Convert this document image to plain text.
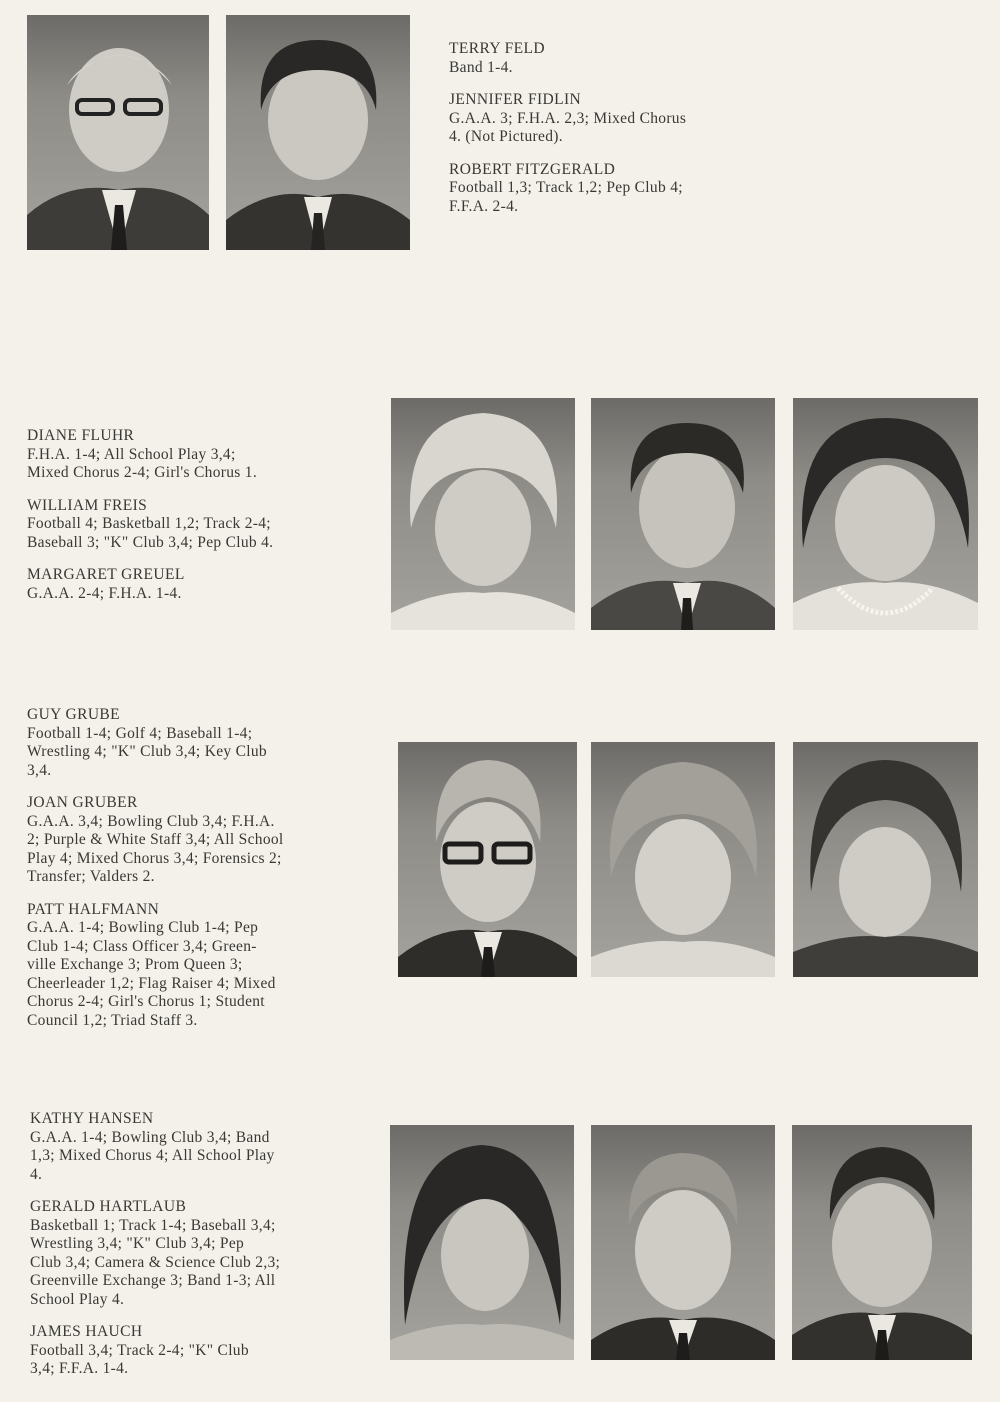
TERRY FELD
Band 1-4.
JENNIFER FIDLIN
G.A.A. 3; F.H.A. 2,3; Mixed Chorus
4. (Not Pictured).
ROBERT FITZGERALD
Football 1,3; Track 1,2; Pep Club 4;
F.F.A. 2-4.
DIANE FLUHR
F.H.A. 1-4; All School Play 3,4;
Mixed Chorus 2-4; Girl's Chorus 1.
WILLIAM FREIS
Football 4; Basketball 1,2; Track 2-4;
Baseball 3; "K" Club 3,4; Pep Club 4.
MARGARET GREUEL
G.A.A. 2-4; F.H.A. 1-4.
GUY GRUBE
Football 1-4; Golf 4; Baseball 1-4;
Wrestling 4; "K" Club 3,4; Key Club
3,4.
JOAN GRUBER
G.A.A. 3,4; Bowling Club 3,4; F.H.A.
2; Purple & White Staff 3,4; All School
Play 4; Mixed Chorus 3,4; Forensics 2;
Transfer; Valders 2.
PATT HALFMANN
G.A.A. 1-4; Bowling Club 1-4; Pep
Club 1-4; Class Officer 3,4; Green-
ville Exchange 3; Prom Queen 3;
Cheerleader 1,2; Flag Raiser 4; Mixed
Chorus 2-4; Girl's Chorus 1; Student
Council 1,2; Triad Staff 3.
KATHY HANSEN
G.A.A. 1-4; Bowling Club 3,4; Band
1,3; Mixed Chorus 4; All School Play
4.
GERALD HARTLAUB
Basketball 1; Track 1-4; Baseball 3,4;
Wrestling 3,4; "K" Club 3,4; Pep
Club 3,4; Camera & Science Club 2,3;
Greenville Exchange 3; Band 1-3; All
School Play 4.
JAMES HAUCH
Football 3,4; Track 2-4; "K" Club
3,4; F.F.A. 1-4.
